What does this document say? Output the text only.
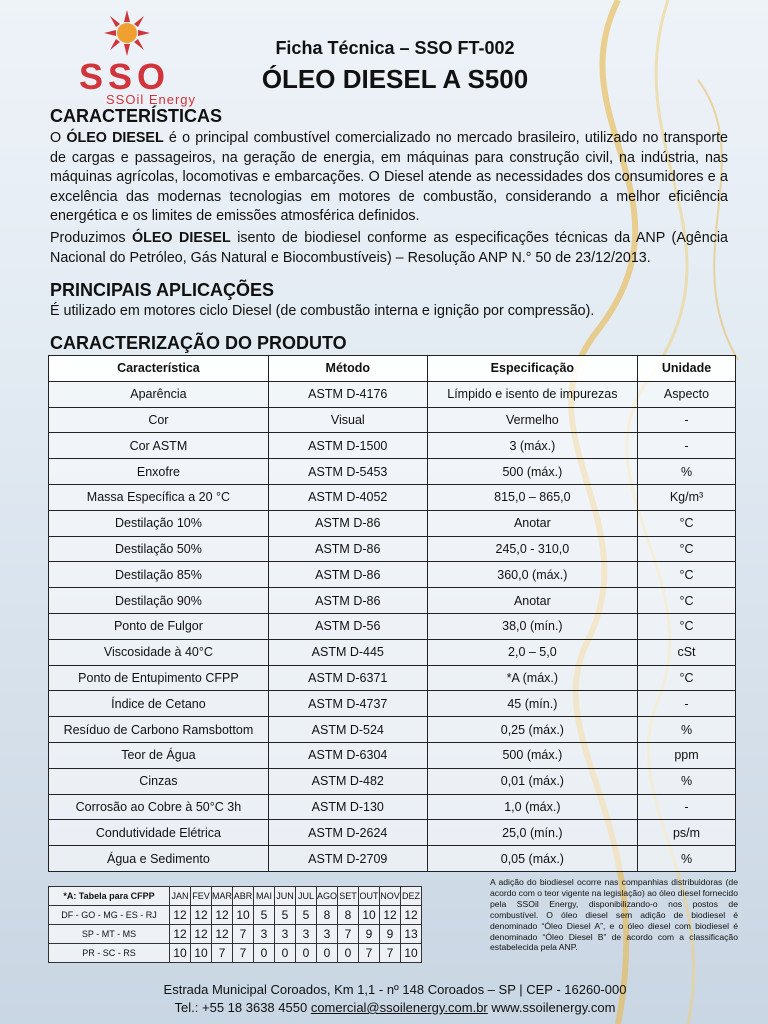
SSO
SSOil Energy
Ficha Técnica – SSO FT-002
ÓLEO DIESEL A S500
CARACTERÍSTICAS
O ÓLEO DIESEL é o principal combustível comercializado no mercado brasileiro, utilizado no transporte de cargas e passageiros, na geração de energia, em máquinas para construção civil, na indústria, nas máquinas agrícolas, locomotivas e embarcações. O Diesel atende as necessidades dos consumidores e a excelência das modernas tecnologias em motores de combustão, considerando a melhor eficiência energética e os limites de emissões atmosférica definidos.
Produzimos ÓLEO DIESEL isento de biodiesel conforme as especificações técnicas da ANP (Agência Nacional do Petróleo, Gás Natural e Biocombustíveis) – Resolução ANP N.° 50 de 23/12/2013.
PRINCIPAIS APLICAÇÕES
É utilizado em motores ciclo Diesel (de combustão interna e ignição por compressão).
CARACTERIZAÇÃO DO PRODUTO
Característica	Método	Especificação	Unidade
Aparência	ASTM D-4176	Límpido e isento de impurezas	Aspecto
Cor	Visual	Vermelho	-
Cor ASTM	ASTM D-1500	3 (máx.)	-
Enxofre	ASTM D-5453	500 (máx.)	%
Massa Específica a 20 °C	ASTM D-4052	815,0 – 865,0	Kg/m³
Destilação 10%	ASTM D-86	Anotar	°C
Destilação 50%	ASTM D-86	245,0 - 310,0	°C
Destilação 85%	ASTM D-86	360,0 (máx.)	°C
Destilação 90%	ASTM D-86	Anotar	°C
Ponto de Fulgor	ASTM D-56	38,0 (mín.)	°C
Viscosidade à 40°C	ASTM D-445	2,0 – 5,0	cSt
Ponto de Entupimento CFPP	ASTM D-6371	*A (máx.)	°C
Índice de Cetano	ASTM D-4737	45 (mín.)	-
Resíduo de Carbono Ramsbottom	ASTM D-524	0,25 (máx.)	%
Teor de Água	ASTM D-6304	500 (máx.)	ppm
Cinzas	ASTM D-482	0,01 (máx.)	%
Corrosão ao Cobre à 50°C 3h	ASTM D-130	1,0 (máx.)	-
Condutividade Elétrica	ASTM D-2624	25,0 (mín.)	ps/m
Água e Sedimento	ASTM D-2709	0,05 (máx.)	%
*A: Tabela para CFPP	JAN	FEV	MAR	ABR	MAI	JUN	JUL	AGO	SET	OUT	NOV	DEZ
DF - GO - MG - ES - RJ	12	12	12	10	5	5	5	8	8	10	12	12
SP - MT - MS	12	12	12	7	3	3	3	3	7	9	9	13
PR - SC - RS	10	10	7	7	0	0	0	0	0	7	7	10
A adição do biodiesel ocorre nas companhias distribuidoras (de acordo com o teor vigente na legislação) ao óleo diesel fornecido pela SSOil Energy, disponibilizando-o nos postos de combustível. O óleo diesel sem adição de biodiesel é denominado “Óleo Diesel A”, e o óleo diesel com biodiesel é denominado “Óleo Diesel B” de acordo com a classificação estabelecida pela ANP.
Estrada Municipal Coroados, Km 1,1 - nº 148 Coroados – SP | CEP - 16260-000
Tel.: +55 18 3638 4550 comercial@ssoilenergy.com.br www.ssoilenergy.com
